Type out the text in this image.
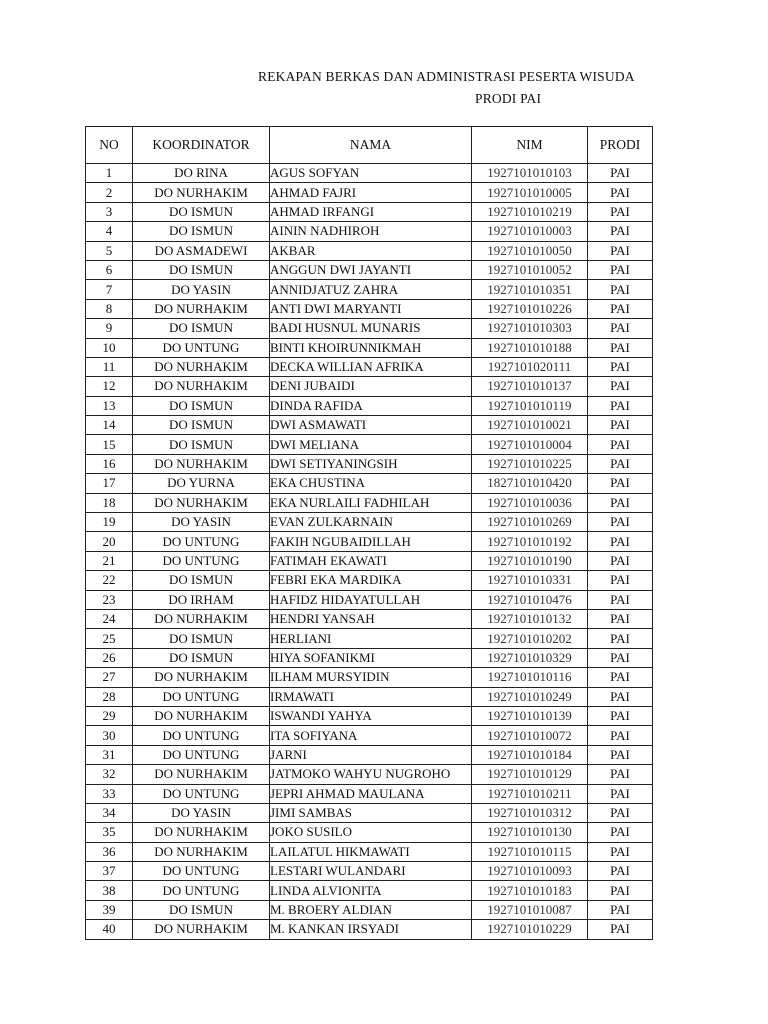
REKAPAN BERKAS DAN ADMINISTRASI PESERTA WISUDA
PRODI PAI
NO	KOORDINATOR	NAMA	NIM	PRODI
1	DO RINA	AGUS SOFYAN	1927101010103	PAI
2	DO NURHAKIM	AHMAD FAJRI	1927101010005	PAI
3	DO ISMUN	AHMAD IRFANGI	1927101010219	PAI
4	DO ISMUN	AININ NADHIROH	1927101010003	PAI
5	DO ASMADEWI	AKBAR	1927101010050	PAI
6	DO ISMUN	ANGGUN DWI JAYANTI	1927101010052	PAI
7	DO YASIN	ANNIDJATUZ ZAHRA	1927101010351	PAI
8	DO NURHAKIM	ANTI DWI MARYANTI	1927101010226	PAI
9	DO ISMUN	BADI HUSNUL MUNARIS	1927101010303	PAI
10	DO UNTUNG	BINTI KHOIRUNNIKMAH	1927101010188	PAI
11	DO NURHAKIM	DECKA WILLIAN AFRIKA	1927101020111	PAI
12	DO NURHAKIM	DENI JUBAIDI	1927101010137	PAI
13	DO ISMUN	DINDA RAFIDA	1927101010119	PAI
14	DO ISMUN	DWI ASMAWATI	1927101010021	PAI
15	DO ISMUN	DWI MELIANA	1927101010004	PAI
16	DO NURHAKIM	DWI SETIYANINGSIH	1927101010225	PAI
17	DO YURNA	EKA CHUSTINA	1827101010420	PAI
18	DO NURHAKIM	EKA NURLAILI FADHILAH	1927101010036	PAI
19	DO YASIN	EVAN ZULKARNAIN	1927101010269	PAI
20	DO UNTUNG	FAKIH NGUBAIDILLAH	1927101010192	PAI
21	DO UNTUNG	FATIMAH EKAWATI	1927101010190	PAI
22	DO ISMUN	FEBRI EKA MARDIKA	1927101010331	PAI
23	DO IRHAM	HAFIDZ HIDAYATULLAH	1927101010476	PAI
24	DO NURHAKIM	HENDRI YANSAH	1927101010132	PAI
25	DO ISMUN	HERLIANI	1927101010202	PAI
26	DO ISMUN	HIYA SOFANIKMI	1927101010329	PAI
27	DO NURHAKIM	ILHAM MURSYIDIN	1927101010116	PAI
28	DO UNTUNG	IRMAWATI	1927101010249	PAI
29	DO NURHAKIM	ISWANDI YAHYA	1927101010139	PAI
30	DO UNTUNG	ITA SOFIYANA	1927101010072	PAI
31	DO UNTUNG	JARNI	1927101010184	PAI
32	DO NURHAKIM	JATMOKO WAHYU NUGROHO	1927101010129	PAI
33	DO UNTUNG	JEPRI AHMAD MAULANA	1927101010211	PAI
34	DO YASIN	JIMI SAMBAS	1927101010312	PAI
35	DO NURHAKIM	JOKO SUSILO	1927101010130	PAI
36	DO NURHAKIM	LAILATUL HIKMAWATI	1927101010115	PAI
37	DO UNTUNG	LESTARI WULANDARI	1927101010093	PAI
38	DO UNTUNG	LINDA ALVIONITA	1927101010183	PAI
39	DO ISMUN	M. BROERY ALDIAN	1927101010087	PAI
40	DO NURHAKIM	M. KANKAN IRSYADI	1927101010229	PAI
